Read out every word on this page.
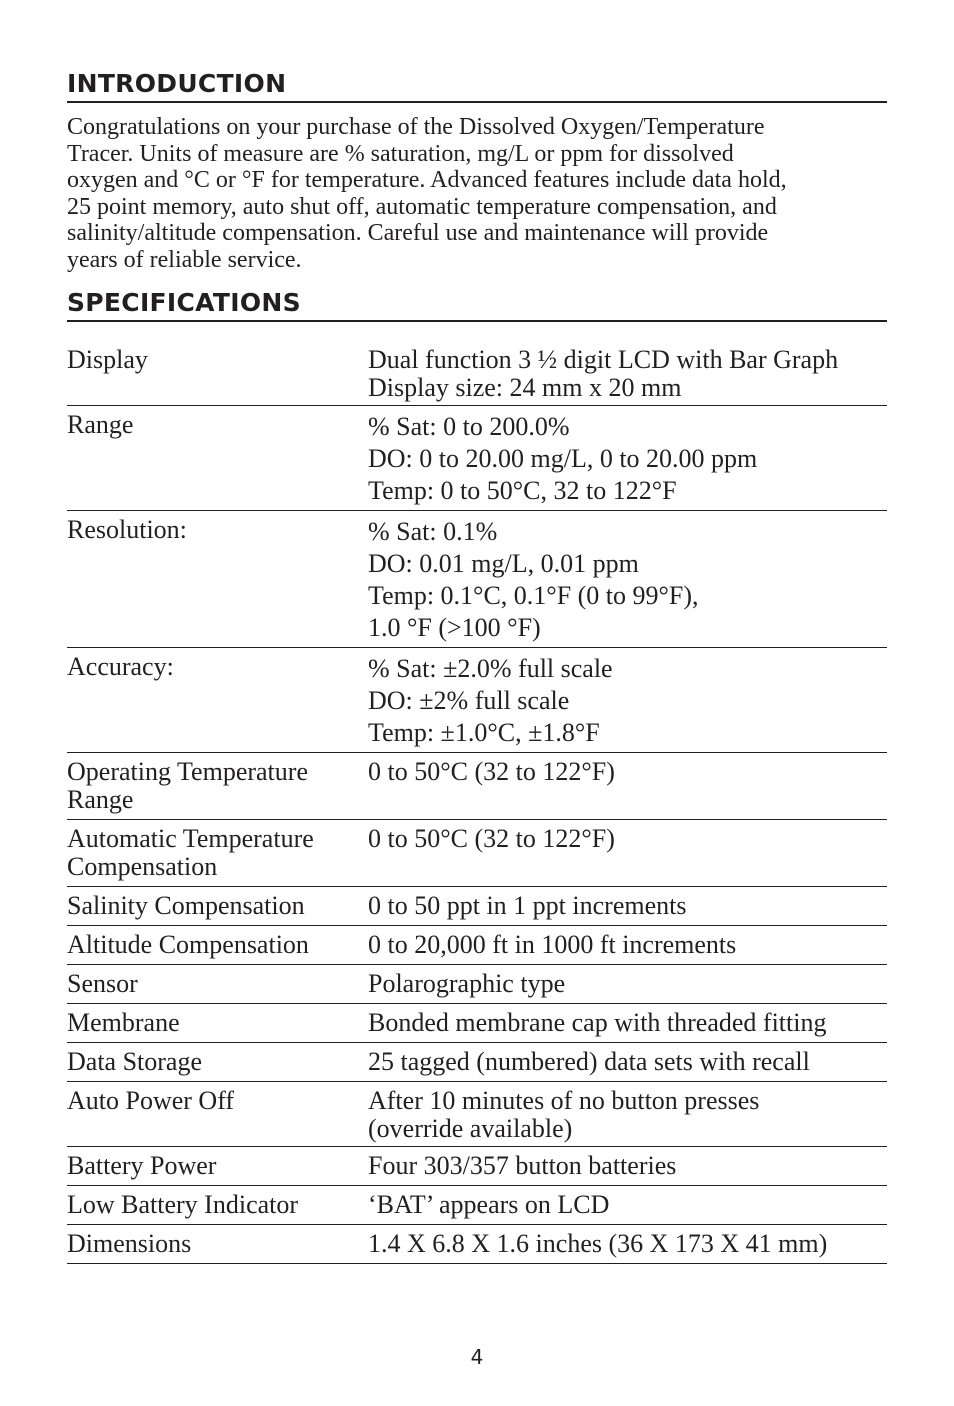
INTRODUCTION

Congratulations on your purchase of the Dissolved Oxygen/Temperature
Tracer. Units of measure are % saturation, mg/L or ppm for dissolved
oxygen and °C or °F for temperature. Advanced features include data hold,
25 point memory, auto shut off, automatic temperature compensation, and
salinity/altitude compensation. Careful use and maintenance will provide
years of reliable service.

SPECIFICATIONS
Display	Dual function 3 ½ digit LCD with Bar Graph
Display size: 24 mm x 20 mm

Range	% Sat: 0 to 200.0%
DO: 0 to 20.00 mg/L, 0 to 20.00 ppm
Temp: 0 to 50°C, 32 to 122°F

Resolution:	% Sat: 0.1%
DO: 0.01 mg/L, 0.01 ppm
Temp: 0.1°C, 0.1°F (0 to 99°F),
1.0 °F (>100 °F)

Accuracy:	% Sat: ±2.0% full scale
DO: ±2% full scale
Temp: ±1.0°C, ±1.8°F

Operating Temperature Range	0 to 50°C (32 to 122°F)

Automatic Temperature Compensation	0 to 50°C (32 to 122°F)

Salinity Compensation	0 to 50 ppt in 1 ppt increments

Altitude Compensation	0 to 20,000 ft in 1000 ft increments

Sensor	Polarographic type

Membrane	Bonded membrane cap with threaded fitting

Data Storage	25 tagged (numbered) data sets with recall

Auto Power Off	After 10 minutes of no button presses
(override available)

Battery Power	Four 303/357 button batteries

Low Battery Indicator	‘BAT’ appears on LCD

Dimensions	1.4 X 6.8 X 1.6 inches (36 X 173 X 41 mm)
4
